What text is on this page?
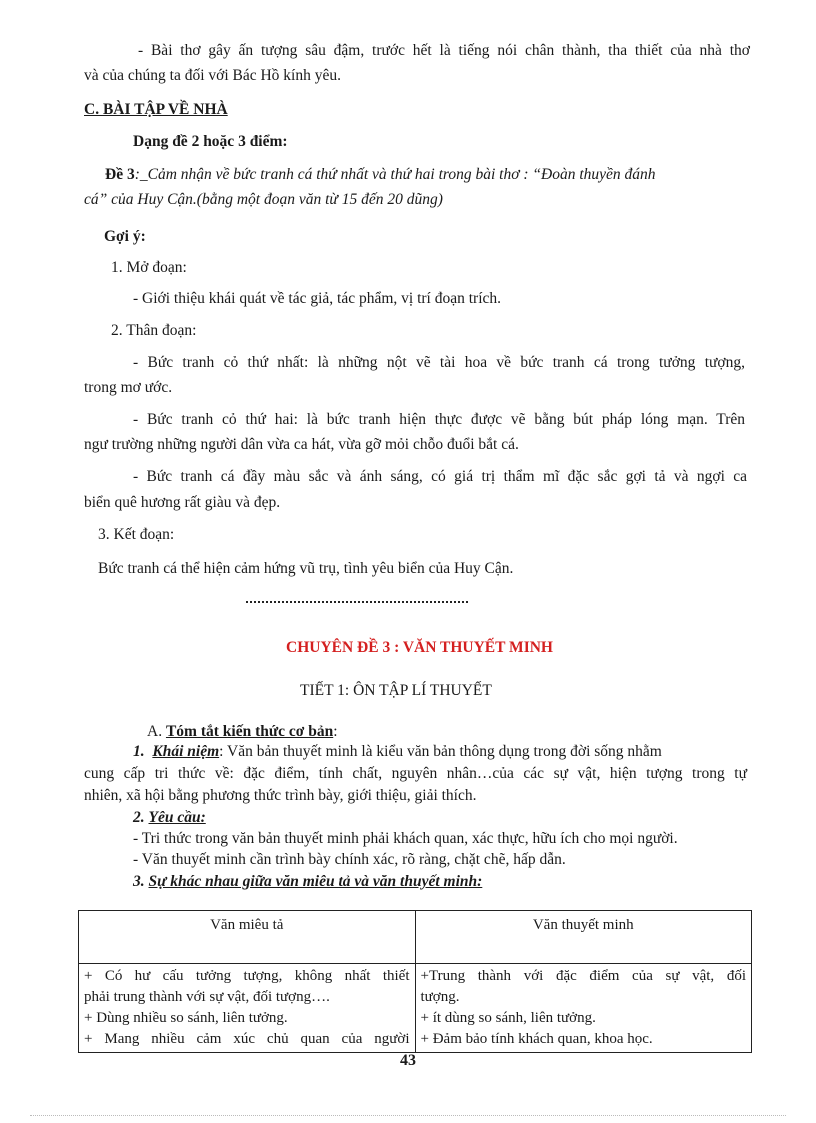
- Bài thơ gây ấn tượng sâu đậm, trước hết là tiếng nói chân thành, tha thiết của nhà thơ
và của chúng ta đối với Bác Hồ kính yêu.
C. BÀI TẬP VỀ NHÀ
Dạng đề 2 hoặc 3 điểm:
Đề 3:_Cảm nhận về bức tranh cá thứ nhất và thứ hai trong bài thơ : “Đoàn thuyền đánh
cá” của Huy Cận.(bằng một đoạn văn từ 15 đến 20 dũng)
Gợi ý:
1. Mở đoạn:
- Giới thiệu khái quát về tác giả, tác phẩm, vị trí đoạn trích.
2. Thân đoạn:
- Bức tranh cỏ thứ nhất: là những nột vẽ tài hoa về bức tranh cá trong tưởng tượng,
trong mơ ước.
- Bức tranh cỏ thứ hai: là bức tranh hiện thực được vẽ bằng bút pháp lóng mạn. Trên
ngư trường những người dân vừa ca hát, vừa gỡ mỏi chỗo đuổi bắt cá.
- Bức tranh cá đầy màu sắc và ánh sáng, có giá trị thẩm mĩ đặc sắc gợi tả và ngợi ca
biển quê hương rất giàu và đẹp.
3. Kết đoạn:
Bức tranh cá thể hiện cảm hứng vũ trụ, tình yêu biển của Huy Cận.
CHUYÊN ĐỀ 3 : VĂN THUYẾT MINH
TIẾT 1: ÔN TẬP LÍ THUYẾT
A. Tóm tắt kiến thức cơ bản:
1. Khái niệm: Văn bản thuyết minh là kiểu văn bản thông dụng trong đời sống nhằm
cung cấp tri thức về: đặc điểm, tính chất, nguyên nhân…của các sự vật, hiện tượng trong tự
nhiên, xã hội bằng phương thức trình bày, giới thiệu, giải thích.
2. Yêu cầu:
- Tri thức trong văn bản thuyết minh phải khách quan, xác thực, hữu ích cho mọi người.
- Văn thuyết minh cần trình bày chính xác, rõ ràng, chặt chẽ, hấp dẫn.
3. Sự khác nhau giữa văn miêu tả và văn thuyết minh:
Văn miêu tả	Văn thuyết minh

+ Có hư cấu tưởng tượng, không nhất thiết
phải trung thành với sự vật, đối tượng….
+ Dùng nhiều so sánh, liên tưởng.
+ Mang nhiều cảm xúc chủ quan của người	+Trung thành với đặc điểm của sự vật, đối
tượng.
+ ít dùng so sánh, liên tưởng.
+ Đảm bảo tính khách quan, khoa học.
43
